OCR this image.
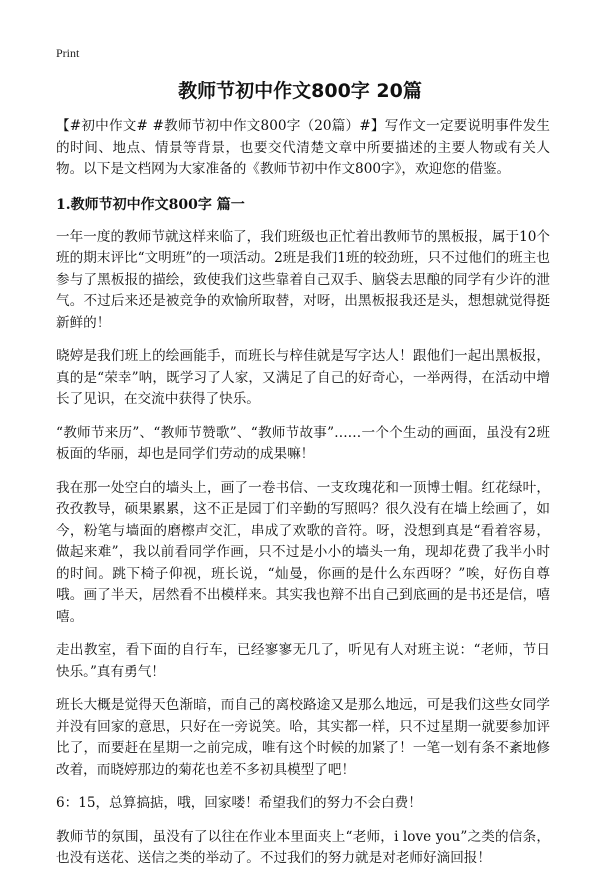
Print
教师节初中作文800字 20篇

【#初中作文# #教师节初中作文800字（20篇）#】写作文一定要说明事件发生的时间、地点、情景等背景，也要交代清楚文章中所要描述的主要人物或有关人物。以下是文档网为大家准备的《教师节初中作文800字》，欢迎您的借鉴。

1.教师节初中作文800字 篇一

一年一度的教师节就这样来临了，我们班级也正忙着出教师节的黑板报，属于10个班的期末评比“文明班”的一项活动。2班是我们1班的较劲班，只不过他们的班主也参与了黑板报的描绘，致使我们这些靠着自己双手、脑袋去思酿的同学有少许的泄气。不过后来还是被竞争的欢愉所取替，对呀，出黑板报我还是头，想想就觉得挺新鲜的！

晓婷是我们班上的绘画能手，而班长与梓佳就是写字达人！跟他们一起出黑板报，真的是“荣幸”呐，既学习了人家，又满足了自己的好奇心，一举两得，在活动中增长了见识，在交流中获得了快乐。

“教师节来历”、“教师节赞歌”、“教师节故事”……一个个生动的画面，虽没有2班板面的华丽，却也是同学们劳动的成果嘛！

我在那一处空白的墙头上，画了一卷书信、一支玫瑰花和一顶博士帽。红花绿叶，孜孜教导，硕果累累，这不正是园丁们辛勤的写照吗？很久没有在墙上绘画了，如今，粉笔与墙面的磨檫声交汇，串成了欢歌的音符。呀，没想到真是“看着容易，做起来难”，我以前看同学作画，只不过是小小的墙头一角，现却花费了我半小时的时间。跳下椅子仰视，班长说，“灿曼，你画的是什么东西呀？”唉，好伤自尊哦。画了半天，居然看不出模样来。其实我也辩不出自己到底画的是书还是信，嘻嘻。

走出教室，看下面的自行车，已经寥寥无几了，听见有人对班主说：“老师，节日快乐。”真有勇气！

班长大概是觉得天色渐暗，而自己的离校路途又是那么地远，可是我们这些女同学并没有回家的意思，只好在一旁说笑。哈，其实都一样，只不过星期一就要参加评比了，而要赶在星期一之前完成，唯有这个时候的加紧了！一笔一划有条不紊地修改着，而晓婷那边的菊花也差不多初具模型了吧！

6：15，总算搞掂，哦，回家喽！希望我们的努力不会白费！

教师节的氛围，虽没有了以往在作业本里面夹上“老师，i love you”之类的信条，也没有送花、送信之类的举动了。不过我们的努力就是对老师好滴回报！
